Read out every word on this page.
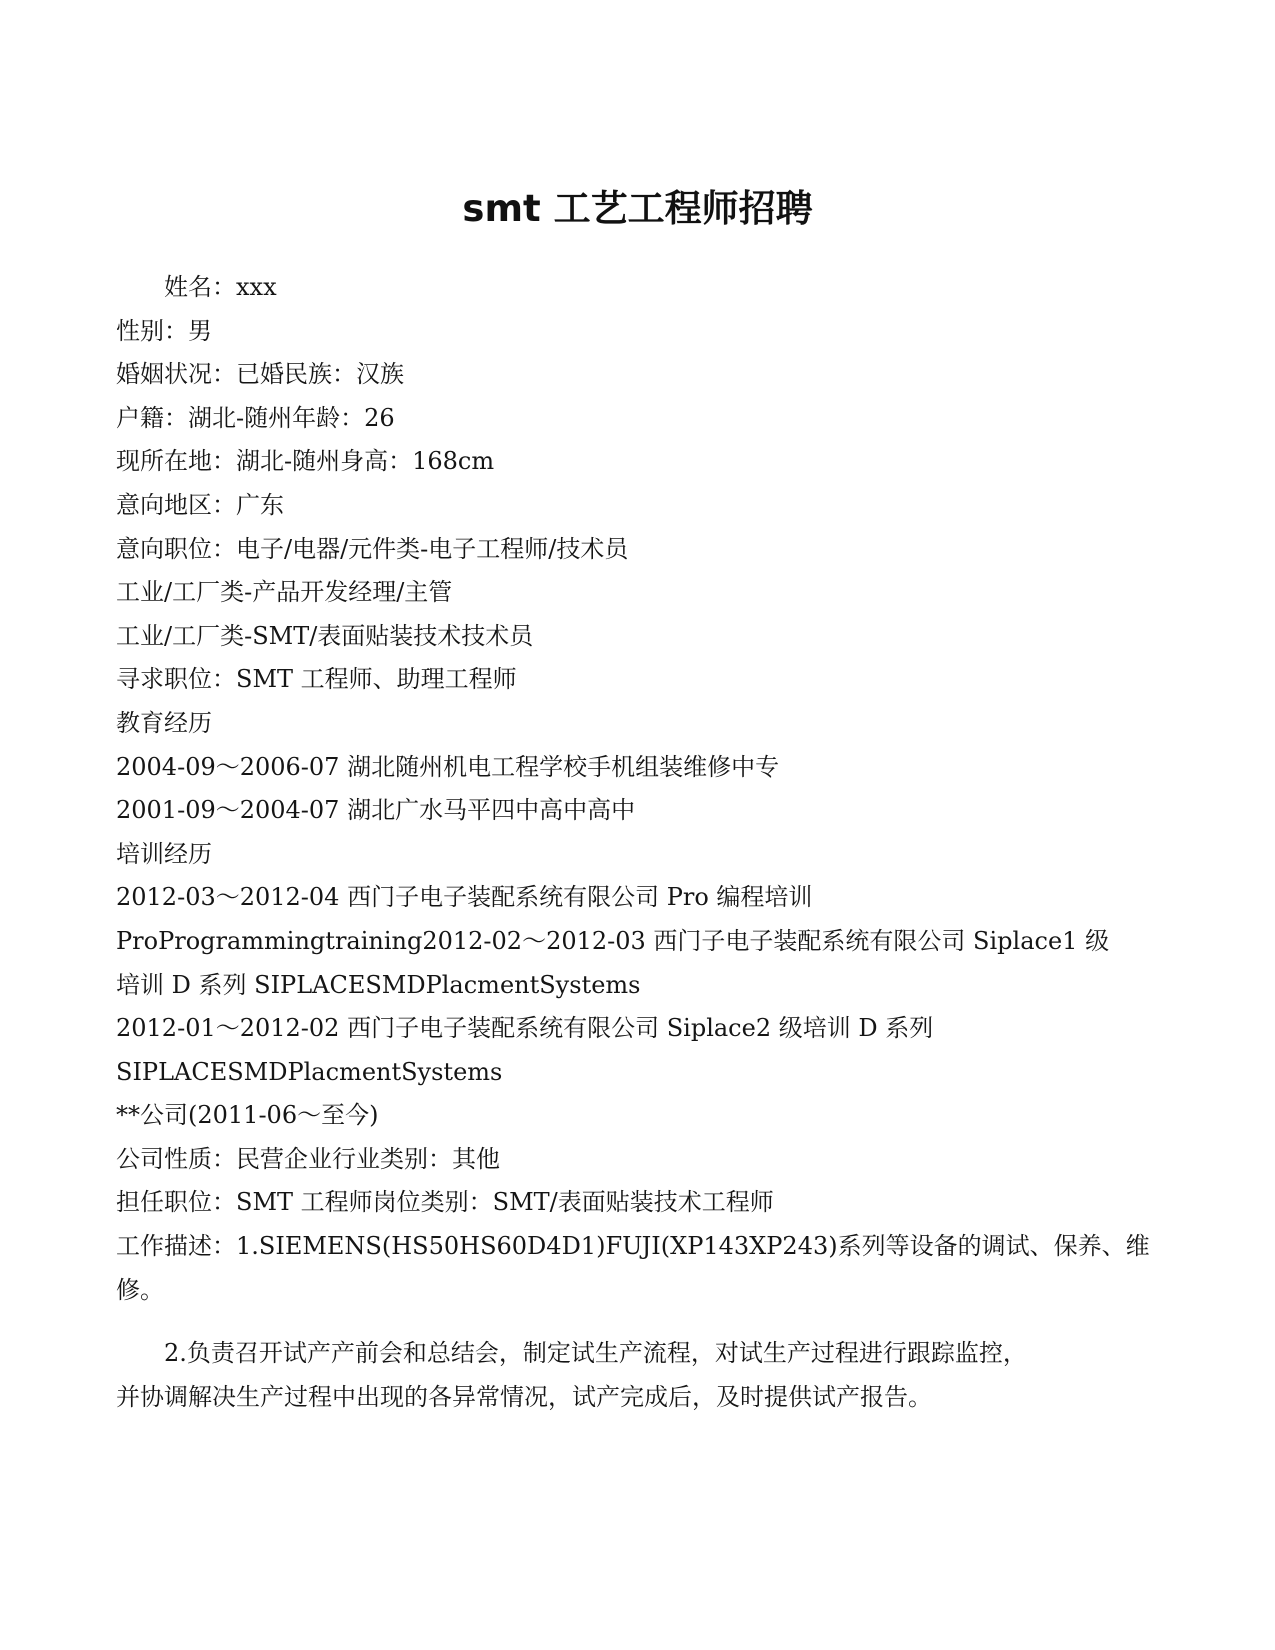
smt 工艺工程师招聘
姓名：xxx
性别：男
婚姻状况：已婚民族：汉族
户籍：湖北-随州年龄：26
现所在地：湖北-随州身高：168cm
意向地区：广东
意向职位：电子/电器/元件类-电子工程师/技术员
工业/工厂类-产品开发经理/主管
工业/工厂类-SMT/表面贴装技术技术员
寻求职位：SMT 工程师、助理工程师
教育经历
2004-09～2006-07 湖北随州机电工程学校手机组装维修中专
2001-09～2004-07 湖北广水马平四中高中高中
培训经历
2012-03～2012-04 西门子电子装配系统有限公司 Pro 编程培训
ProProgrammingtraining2012-02～2012-03 西门子电子装配系统有限公司 Siplace1 级
培训 D 系列 SIPLACESMDPlacmentSystems
2012-01～2012-02 西门子电子装配系统有限公司 Siplace2 级培训 D 系列
SIPLACESMDPlacmentSystems
**公司(2011-06～至今)
公司性质：民营企业行业类别：其他
担任职位：SMT 工程师岗位类别：SMT/表面贴装技术工程师
工作描述：1.SIEMENS(HS50HS60D4D1)FUJI(XP143XP243)系列等设备的调试、保养、维
修。
2.负责召开试产产前会和总结会，制定试生产流程，对试生产过程进行跟踪监控，
并协调解决生产过程中出现的各异常情况，试产完成后，及时提供试产报告。
